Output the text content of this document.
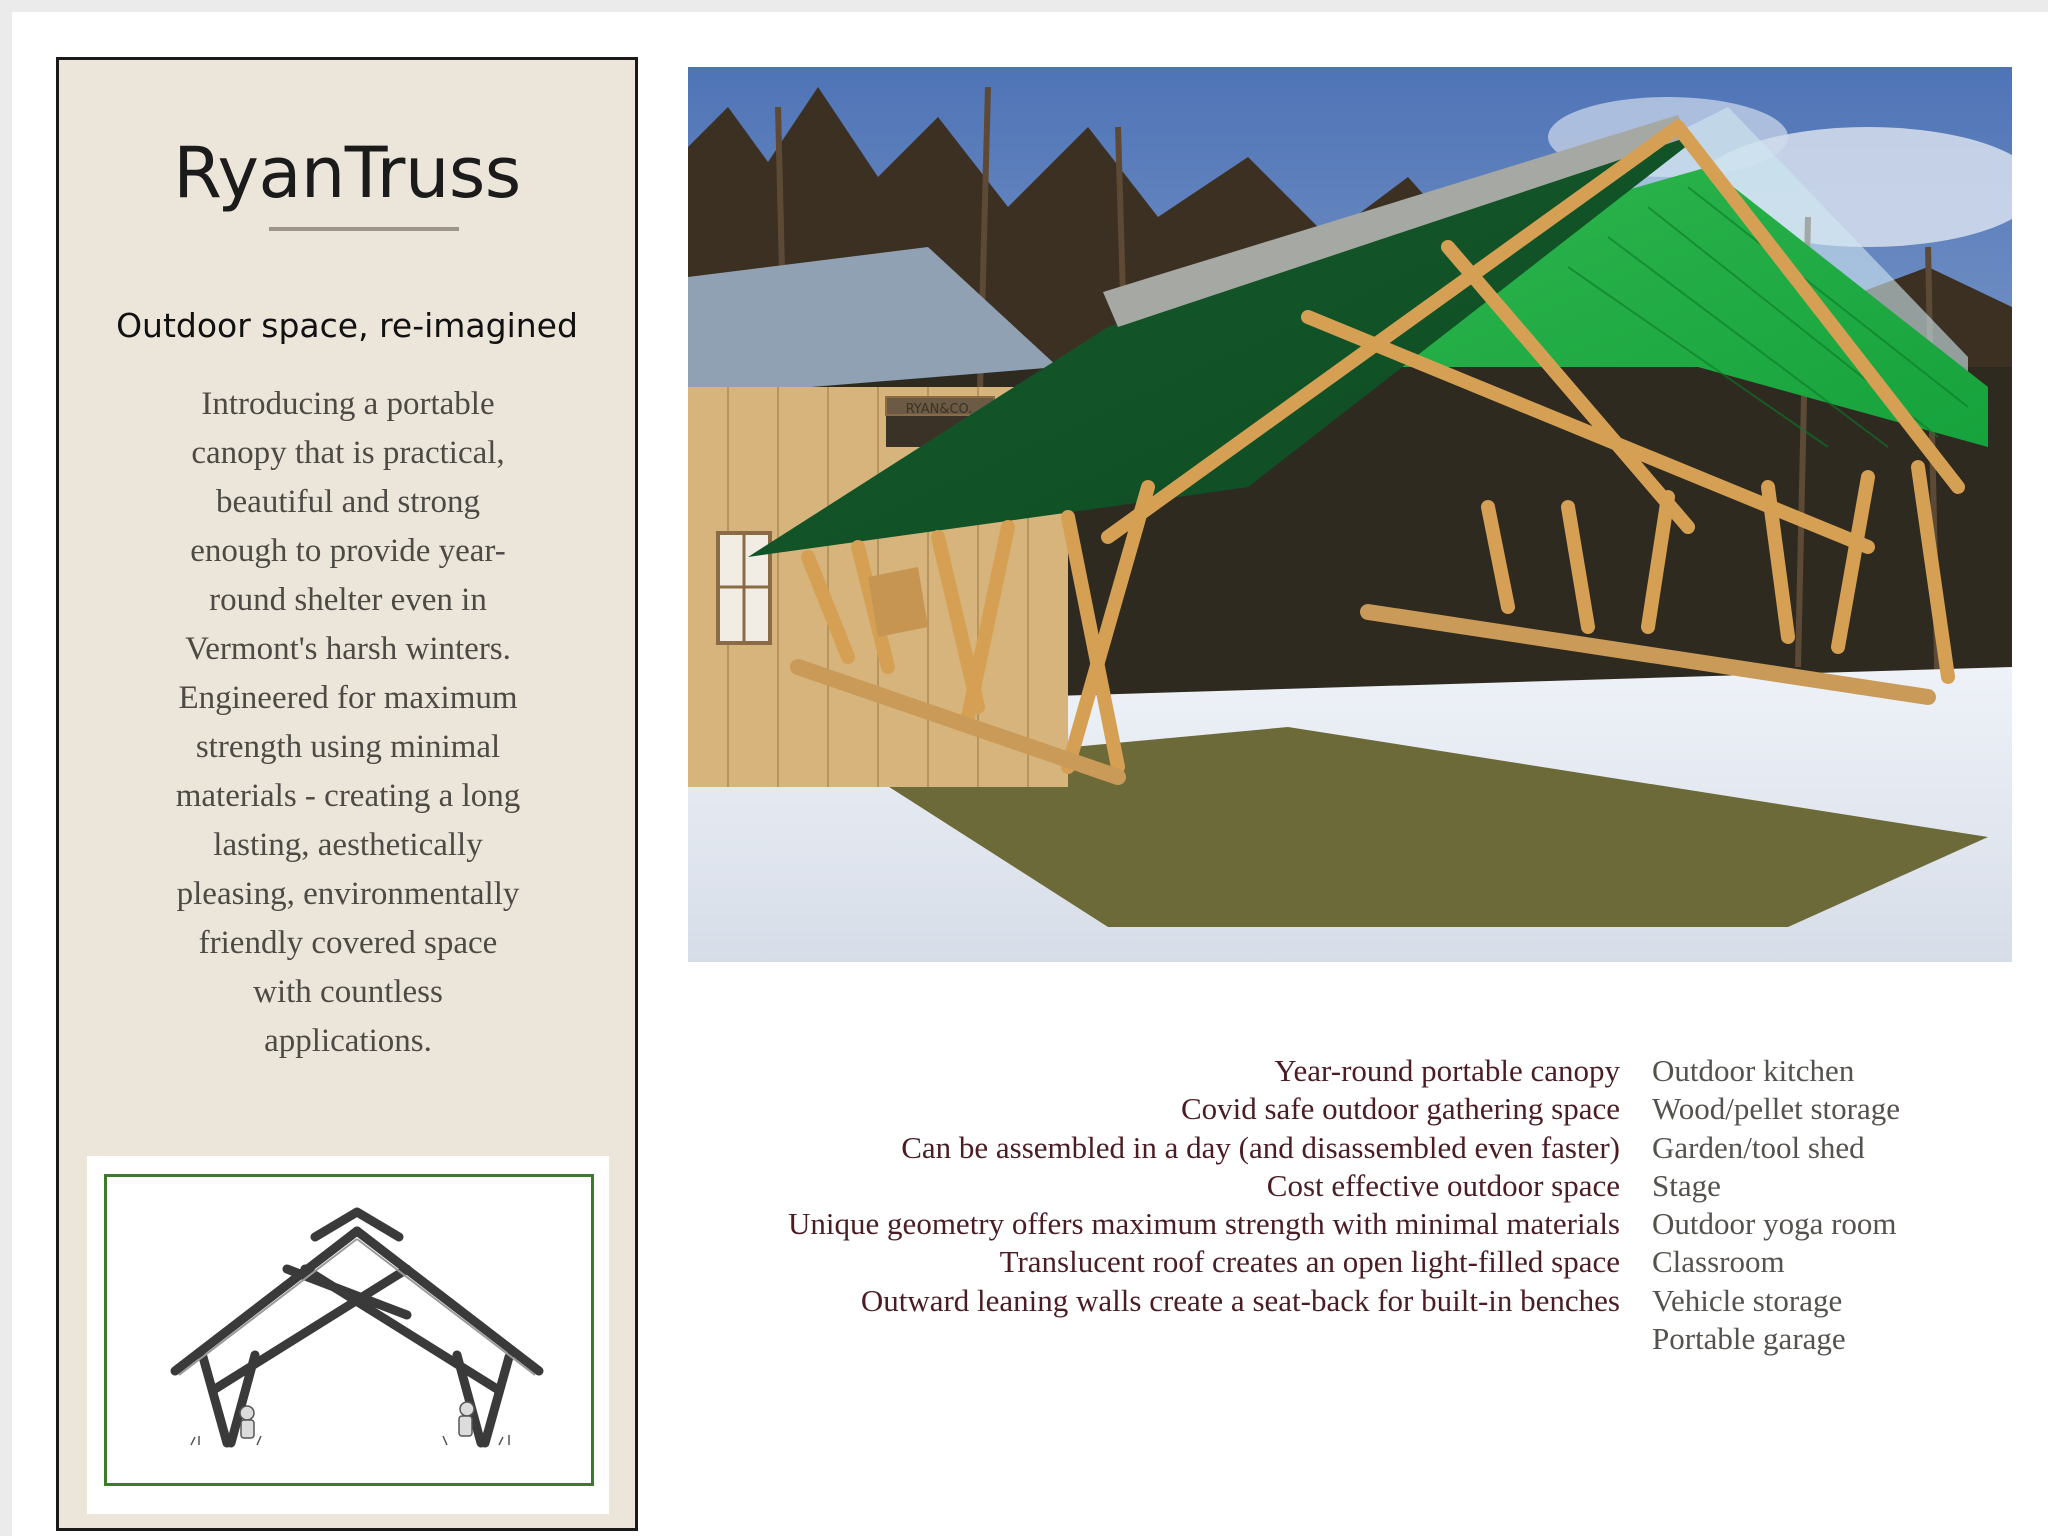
RyanTruss
Outdoor space, re-imagined
Introducing a portable
canopy that is practical,
beautiful and strong
enough to provide year-
round shelter even in
Vermont's harsh winters.
Engineered for maximum
strength using minimal
materials - creating a long
lasting, aesthetically
pleasing, environmentally
friendly covered space
with countless
applications.
RYAN&CO.
Year-round portable canopy
Covid safe outdoor gathering space
Can be assembled in a day (and disassembled even faster)
Cost effective outdoor space
Unique geometry offers maximum strength with minimal materials
Translucent roof creates an open light-filled space
Outward leaning walls create a seat-back for built-in benches
Outdoor kitchen
Wood/pellet storage
Garden/tool shed
Stage
Outdoor yoga room
Classroom
Vehicle storage
Portable garage
